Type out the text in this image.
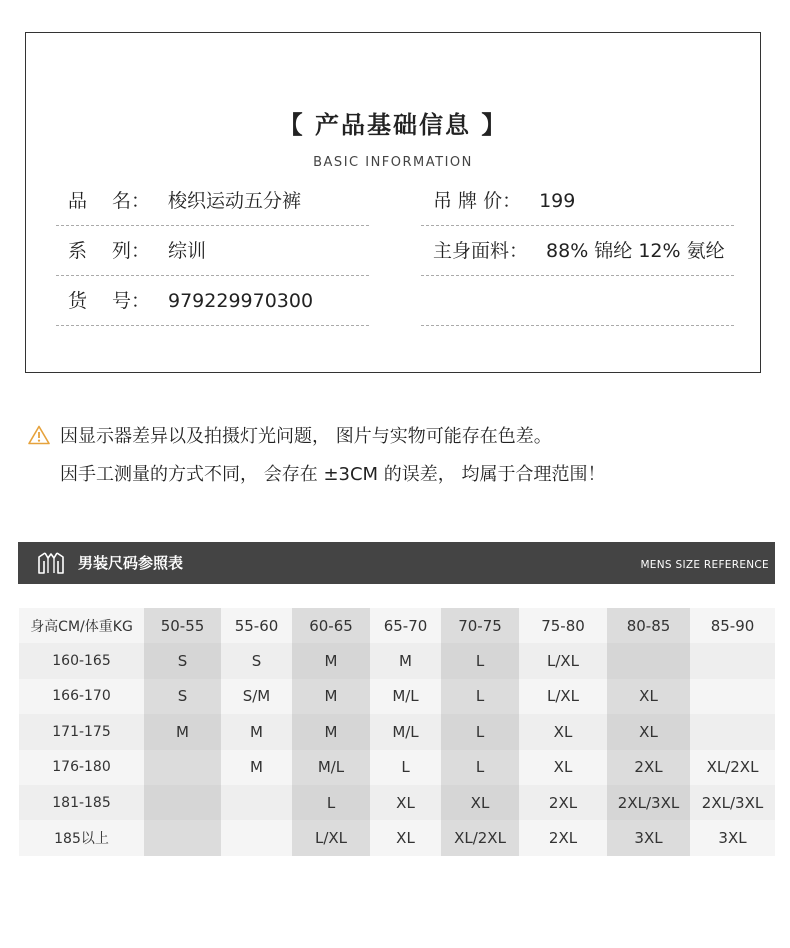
【 产品基础信息 】
BASIC INFORMATION
品　 名： 梭织运动五分裤
系　 列： 综训
货　 号： 979229970300
吊 牌 价： 199
主身面料： 88% 锦纶 12% 氨纶
因显示器差异以及拍摄灯光问题， 图片与实物可能存在色差。
因手工测量的方式不同， 会存在 ±3CM 的误差， 均属于合理范围！
男装尺码参照表	MENS SIZE REFERENCE
身高CM/体重KG	50-55	55-60	60-65	65-70	70-75	75-80	80-85	85-90
160-165	S	S	M	M	L	L/XL		
166-170	S	S/M	M	M/L	L	L/XL	XL	
171-175	M	M	M	M/L	L	XL	XL	
176-180		M	M/L	L	L	XL	2XL	XL/2XL
181-185			L	XL	XL	2XL	2XL/3XL	2XL/3XL
185以上			L/XL	XL	XL/2XL	2XL	3XL	3XL
